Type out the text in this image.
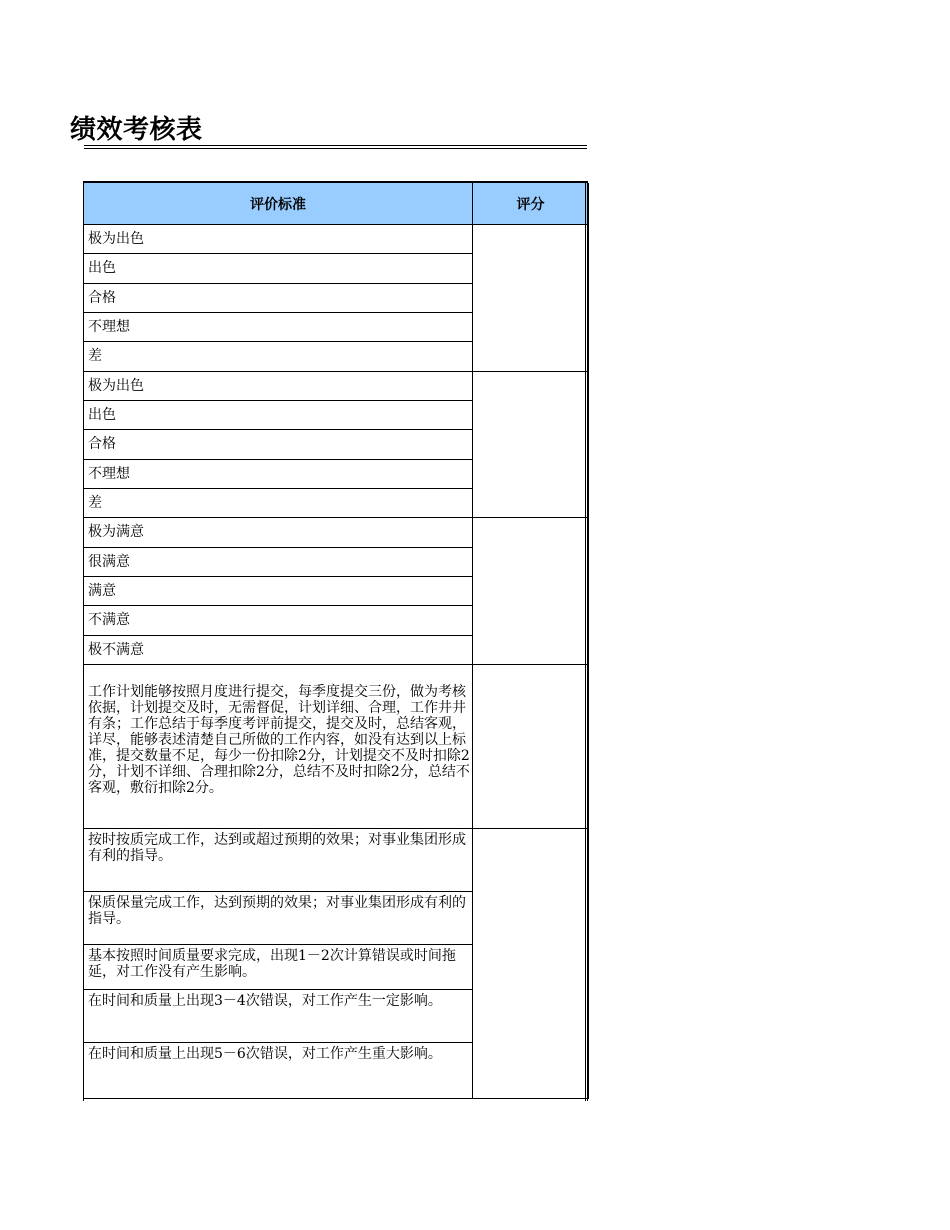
绩效考核表
评价标准	评分
极为出色
出色
合格
不理想
差
极为出色
出色
合格
不理想
差
极为满意
很满意
满意
不满意
极不满意
工作计划能够按照月度进行提交，每季度提交三份，做为考核依据，计划提交及时，无需督促，计划详细、合理，工作井井有条；工作总结于每季度考评前提交，提交及时，总结客观，详尽，能够表述清楚自己所做的工作内容，如没有达到以上标准，提交数量不足，每少一份扣除2分，计划提交不及时扣除2分，计划不详细、合理扣除2分，总结不及时扣除2分，总结不客观，敷衍扣除2分。
按时按质完成工作，达到或超过预期的效果；对事业集团形成有利的指导。
保质保量完成工作，达到预期的效果；对事业集团形成有利的指导。
基本按照时间质量要求完成，出现1－2次计算错误或时间拖延，对工作没有产生影响。
在时间和质量上出现3－4次错误，对工作产生一定影响。
在时间和质量上出现5－6次错误，对工作产生重大影响。
